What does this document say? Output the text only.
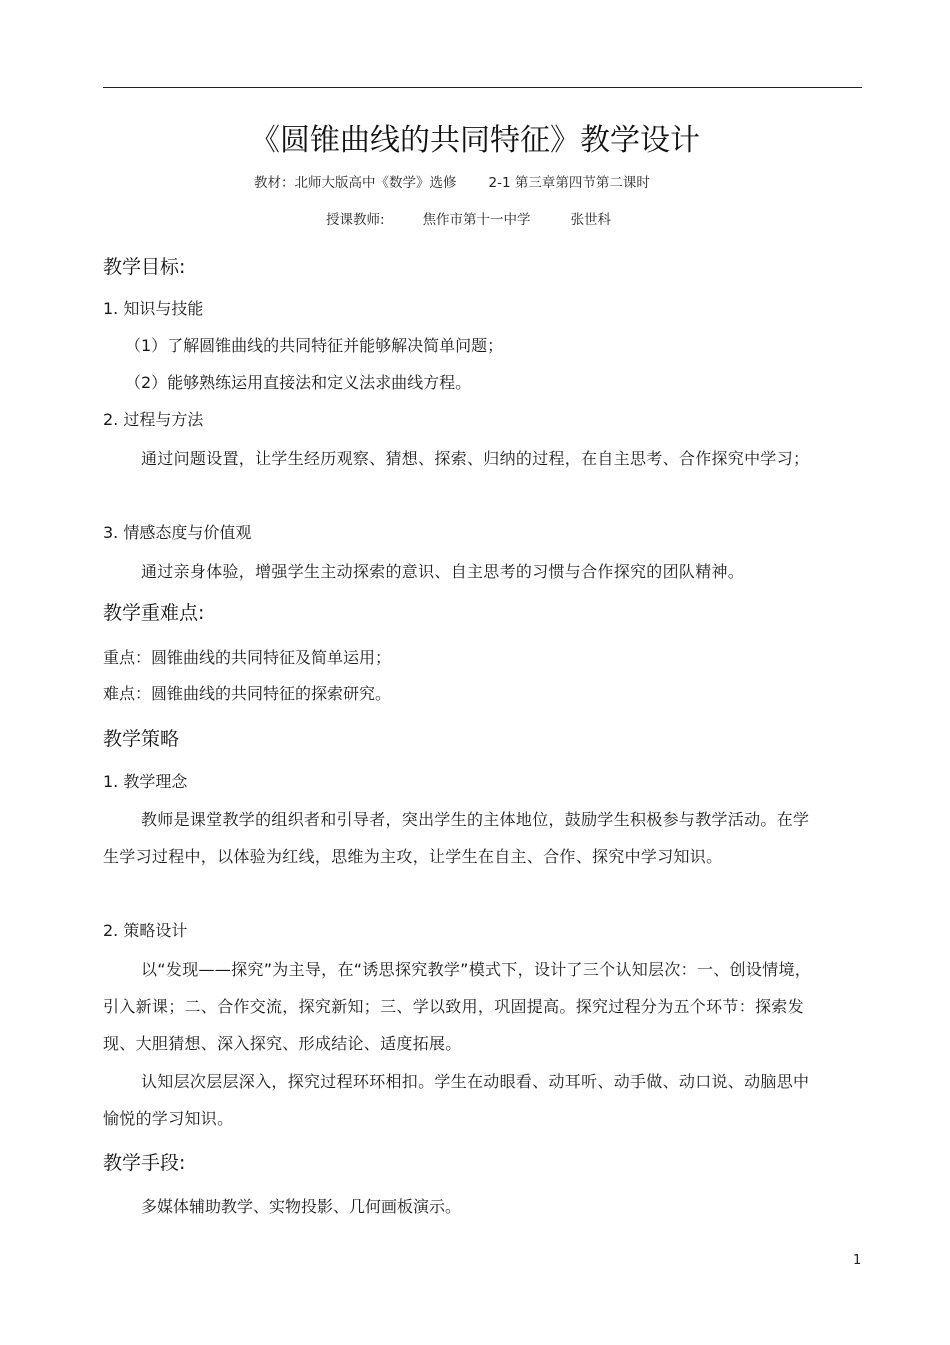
《圆锥曲线的共同特征》教学设计
教材：北师大版高中《数学》选修 2-1 第三章第四节第二课时
授课教师:	焦作市第十一中学	张世科
教学目标:
1. 知识与技能
（1）了解圆锥曲线的共同特征并能够解决简单问题；
（2）能够熟练运用直接法和定义法求曲线方程。
2. 过程与方法
通过问题设置，让学生经历观察、猜想、探索、归纳的过程，在自主思考、合作探究中学习；
3. 情感态度与价值观
通过亲身体验，增强学生主动探索的意识、自主思考的习惯与合作探究的团队精神。
教学重难点:
重点：圆锥曲线的共同特征及简单运用；
难点：圆锥曲线的共同特征的探索研究。
教学策略
1. 教学理念
教师是课堂教学的组织者和引导者，突出学生的主体地位，鼓励学生积极参与教学活动。在学生学习过程中，以体验为红线，思维为主攻，让学生在自主、合作、探究中学习知识。
2. 策略设计
以“发现——探究”为主导，在“诱思探究教学”模式下，设计了三个认知层次：一、创设情境，引入新课；二、合作交流，探究新知；三、学以致用，巩固提高。探究过程分为五个环节：探索发现、大胆猜想、深入探究、形成结论、适度拓展。
认知层次层层深入，探究过程环环相扣。学生在动眼看、动耳听、动手做、动口说、动脑思中愉悦的学习知识。
教学手段:
多媒体辅助教学、实物投影、几何画板演示。
1
